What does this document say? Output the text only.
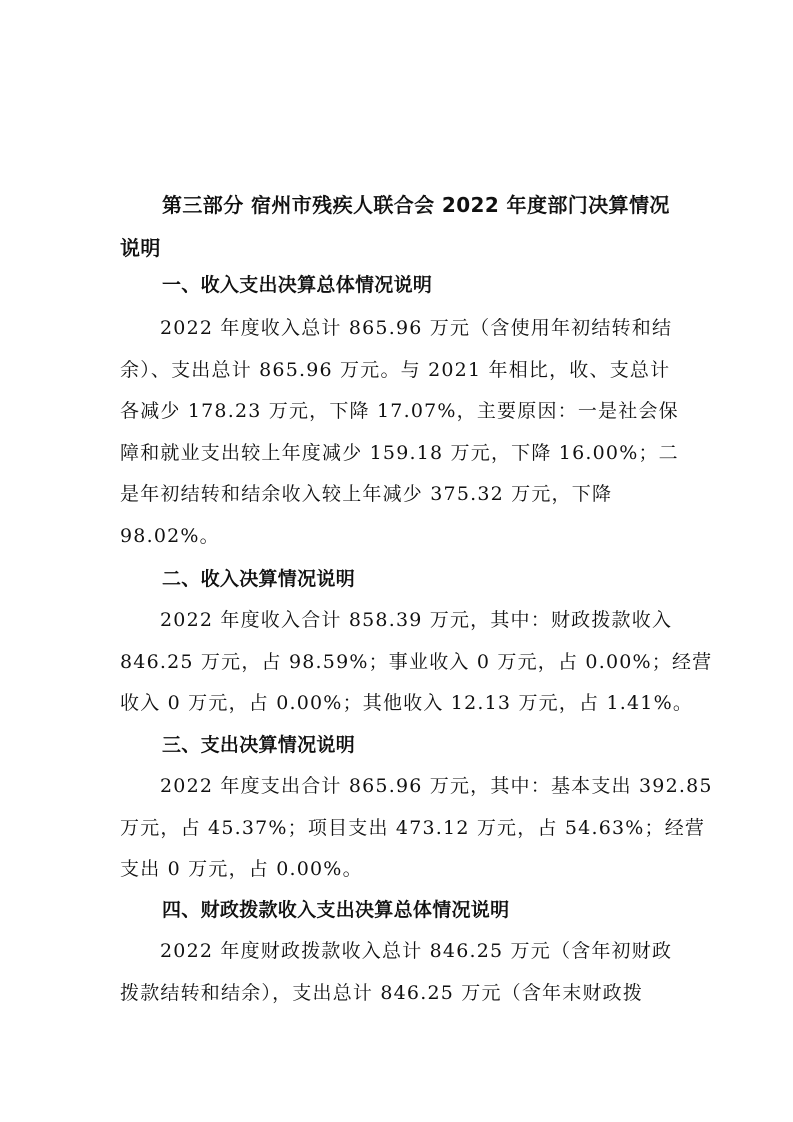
第三部分 宿州市残疾人联合会 2022 年度部门决算情况
说明
一、收入支出决算总体情况说明
2022 年度收入总计 865.96 万元（含使用年初结转和结
余）、支出总计 865.96 万元。与 2021 年相比，收、支总计
各减少 178.23 万元，下降 17.07%，主要原因：一是社会保
障和就业支出较上年度减少 159.18 万元，下降 16.00%；二
是年初结转和结余收入较上年减少 375.32 万元，下降
98.02%。
二、收入决算情况说明
2022 年度收入合计 858.39 万元，其中：财政拨款收入
846.25 万元，占 98.59%；事业收入 0 万元，占 0.00%；经营
收入 0 万元，占 0.00%；其他收入 12.13 万元，占 1.41%。
三、支出决算情况说明
2022 年度支出合计 865.96 万元，其中：基本支出 392.85
万元，占 45.37%；项目支出 473.12 万元，占 54.63%；经营
支出 0 万元，占 0.00%。
四、财政拨款收入支出决算总体情况说明
2022 年度财政拨款收入总计 846.25 万元（含年初财政
拨款结转和结余），支出总计 846.25 万元（含年末财政拨
